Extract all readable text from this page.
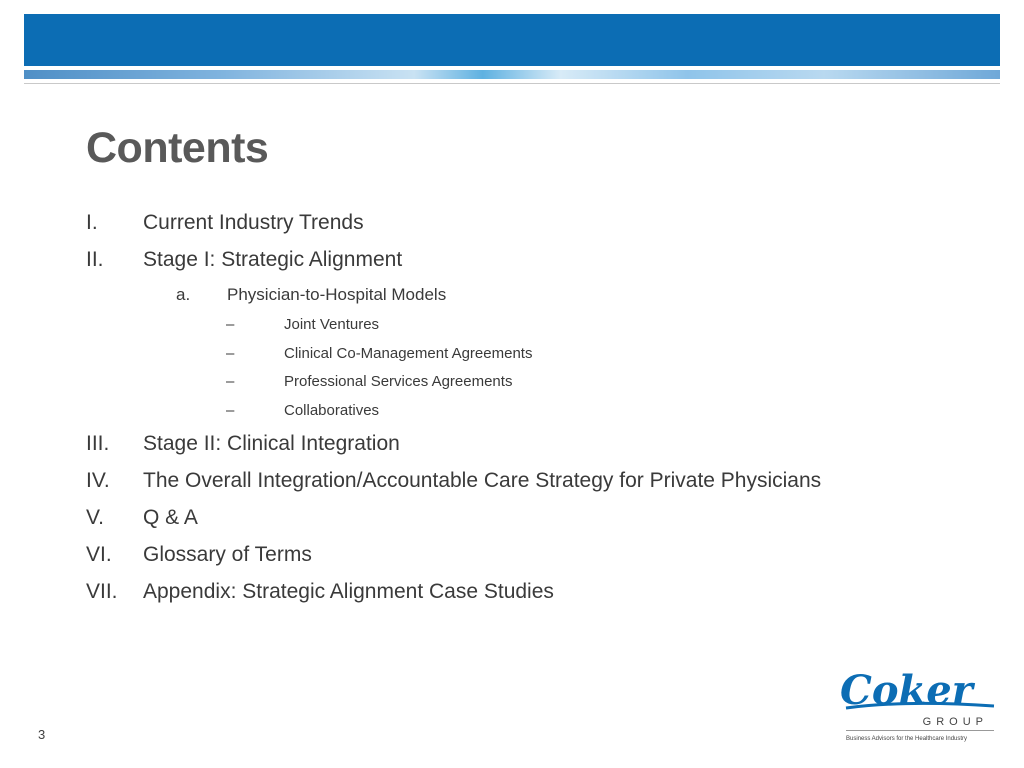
Contents
I. Current Industry Trends
II. Stage I: Strategic Alignment
a. Physician-to-Hospital Models
–	Joint Ventures
–	Clinical Co-Management Agreements
–	Professional Services Agreements
–	Collaboratives
III. Stage II: Clinical Integration
IV. The Overall Integration/Accountable Care Strategy for Private Physicians
V. Q & A
VI. Glossary of Terms
VII. Appendix: Strategic Alignment Case Studies
3
Coker
GROUP
Business Advisors for the Healthcare Industry
